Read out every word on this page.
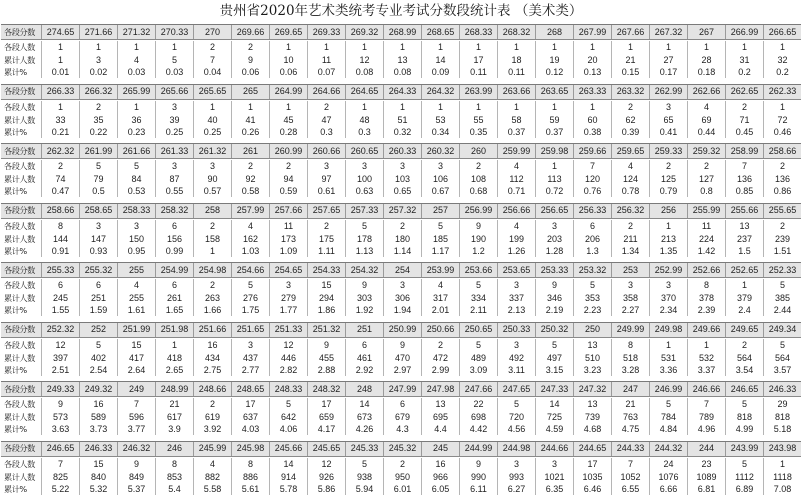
贵州省2020年艺术类统考专业考试分数段统计表 （美术类）
各段分数	274.65	271.66	271.32	270.33	270	269.66	269.65	269.33	269.32	268.99	268.65	268.33	268.32	268	267.99	267.66	267.32	267	266.99	266.65
各段人数	1	1	1	1	2	2	1	1	1	1	1	1	1	1	1	1	1	1	1	1
累计人数	1	3	4	5	7	9	10	11	12	13	14	17	18	19	20	21	27	28	31	32
累计%	0.01	0.02	0.03	0.03	0.04	0.06	0.06	0.07	0.08	0.08	0.09	0.11	0.11	0.12	0.13	0.15	0.17	0.18	0.2	0.2
各段分数	266.33	266.32	265.99	265.66	265.65	265	264.99	264.66	264.65	264.33	264.32	263.99	263.66	263.65	263.33	263.32	262.99	262.66	262.65	262.33
各段人数	1	2	1	3	1	1	1	2	1	1	1	1	1	1	1	2	3	4	2	1
累计人数	33	35	36	39	40	41	45	47	48	51	53	55	58	59	60	62	65	69	71	72
累计%	0.21	0.22	0.23	0.25	0.25	0.26	0.28	0.3	0.3	0.32	0.34	0.35	0.37	0.37	0.38	0.39	0.41	0.44	0.45	0.46
各段分数	262.32	261.99	261.66	261.33	261.32	261	260.99	260.66	260.65	260.33	260.32	260	259.99	259.98	259.66	259.65	259.33	259.32	258.99	258.66
各段人数	2	5	5	3	3	2	2	3	3	3	3	2	4	1	7	4	2	2	7	2
累计人数	74	79	84	87	90	92	94	97	100	103	106	108	112	113	120	124	125	127	136	136
累计%	0.47	0.5	0.53	0.55	0.57	0.58	0.59	0.61	0.63	0.65	0.67	0.68	0.71	0.72	0.76	0.78	0.79	0.8	0.85	0.86
各段分数	258.66	258.65	258.33	258.32	258	257.99	257.66	257.65	257.33	257.32	257	256.99	256.66	256.65	256.33	256.32	256	255.99	255.66	255.65
各段人数	8	3	3	6	2	4	11	2	5	2	5	9	4	3	6	2	1	11	13	2
累计人数	144	147	150	156	158	162	173	175	178	180	185	190	199	203	206	211	213	224	237	239
累计%	0.91	0.93	0.95	0.99	1	1.03	1.09	1.11	1.13	1.14	1.17	1.2	1.26	1.28	1.3	1.34	1.35	1.42	1.5	1.51
各段分数	255.33	255.32	255	254.99	254.98	254.66	254.65	254.33	254.32	254	253.99	253.66	253.65	253.33	253.32	253	252.99	252.66	252.65	252.33
各段人数	6	6	4	6	2	5	3	15	9	3	4	5	3	9	5	3	3	8	1	5
累计人数	245	251	255	261	263	276	279	294	303	306	317	334	337	346	353	358	370	378	379	385
累计%	1.55	1.59	1.61	1.65	1.66	1.75	1.77	1.86	1.92	1.94	2.01	2.11	2.13	2.19	2.23	2.27	2.34	2.39	2.4	2.44
各段分数	252.32	252	251.99	251.98	251.66	251.65	251.33	251.32	251	250.99	250.66	250.65	250.33	250.32	250	249.99	249.98	249.66	249.65	249.34
各段人数	12	5	15	1	16	3	12	9	6	9	2	5	3	5	13	8	1	1	2	5
累计人数	397	402	417	418	434	437	446	455	461	470	472	489	492	497	510	518	531	532	564	564
累计%	2.51	2.54	2.64	2.65	2.75	2.77	2.82	2.88	2.92	2.97	2.99	3.09	3.11	3.15	3.23	3.28	3.36	3.37	3.54	3.57
各段分数	249.33	249.32	249	248.99	248.66	248.65	248.33	248.32	248	247.99	247.98	247.66	247.65	247.33	247.32	247	246.99	246.66	246.65	246.33
各段人数	9	16	7	21	2	17	5	17	14	6	13	22	5	14	13	21	5	7	5	29
累计人数	573	589	596	617	619	637	642	659	673	679	695	698	720	725	739	763	784	789	818	818
累计%	3.63	3.73	3.77	3.9	3.92	4.03	4.06	4.17	4.26	4.3	4.4	4.42	4.56	4.59	4.68	4.75	4.84	4.96	4.99	5.18
各段分数	246.65	246.33	246.32	246	245.99	245.98	245.66	245.65	245.33	245.32	245	244.99	244.98	244.66	244.65	244.33	244.32	244	243.99	243.98
各段人数	7	15	9	8	4	8	14	12	5	2	16	9	3	3	17	7	24	23	5	1
累计人数	825	840	849	853	882	886	914	926	938	950	966	990	993	1021	1035	1052	1076	1089	1112	1118
累计%	5.22	5.32	5.37	5.4	5.58	5.61	5.78	5.86	5.94	6.01	6.05	6.11	6.27	6.35	6.46	6.55	6.66	6.81	6.89	7.08
